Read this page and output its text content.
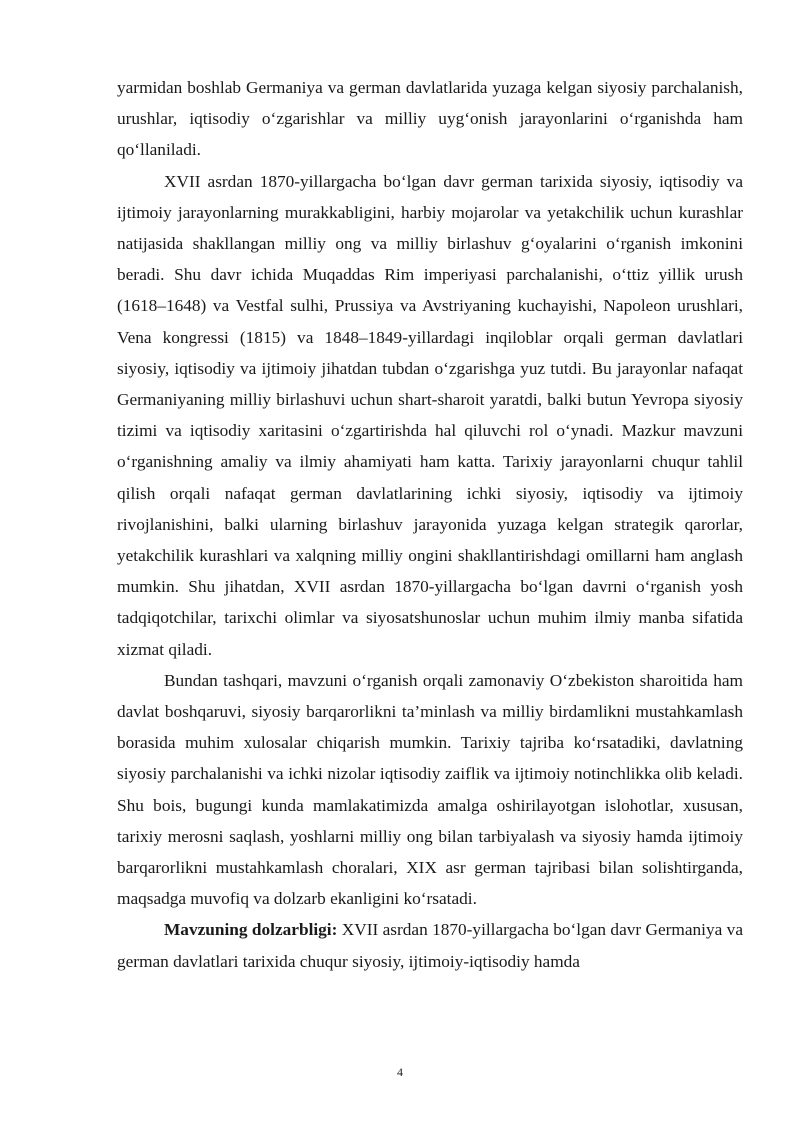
yarmidan boshlab Germaniya va german davlatlarida yuzaga kelgan siyosiy parchalanish, urushlar, iqtisodiy o‘zgarishlar va milliy uyg‘onish jarayonlarini o‘rganishda ham qo‘llaniladi.

XVII asrdan 1870-yillargacha bo‘lgan davr german tarixida siyosiy, iqtisodiy va ijtimoiy jarayonlarning murakkabligini, harbiy mojarolar va yetakchilik uchun kurashlar natijasida shakllangan milliy ong va milliy birlashuv g‘oyalarini o‘rganish imkonini beradi. Shu davr ichida Muqaddas Rim imperiyasi parchalanishi, o‘ttiz yillik urush (1618–1648) va Vestfal sulhi, Prussiya va Avstriyaning kuchayishi, Napoleon urushlari, Vena kongressi (1815) va 1848–1849-yillardagi inqiloblar orqali german davlatlari siyosiy, iqtisodiy va ijtimoiy jihatdan tubdan o‘zgarishga yuz tutdi. Bu jarayonlar nafaqat Germaniyaning milliy birlashuvi uchun shart-sharoit yaratdi, balki butun Yevropa siyosiy tizimi va iqtisodiy xaritasini o‘zgartirishda hal qiluvchi rol o‘ynadi. Mazkur mavzuni o‘rganishning amaliy va ilmiy ahamiyati ham katta. Tarixiy jarayonlarni chuqur tahlil qilish orqali nafaqat german davlatlarining ichki siyosiy, iqtisodiy va ijtimoiy rivojlanishini, balki ularning birlashuv jarayonida yuzaga kelgan strategik qarorlar, yetakchilik kurashlari va xalqning milliy ongini shakllantirishdagi omillarni ham anglash mumkin. Shu jihatdan, XVII asrdan 1870-yillargacha bo‘lgan davrni o‘rganish yosh tadqiqotchilar, tarixchi olimlar va siyosatshunoslar uchun muhim ilmiy manba sifatida xizmat qiladi.

Bundan tashqari, mavzuni o‘rganish orqali zamonaviy O‘zbekiston sharoitida ham davlat boshqaruvi, siyosiy barqarorlikni ta’minlash va milliy birdamlikni mustahkamlash borasida muhim xulosalar chiqarish mumkin. Tarixiy tajriba ko‘rsatadiki, davlatning siyosiy parchalanishi va ichki nizolar iqtisodiy zaiflik va ijtimoiy notinchlikka olib keladi. Shu bois, bugungi kunda mamlakatimizda amalga oshirilayotgan islohotlar, xususan, tarixiy merosni saqlash, yoshlarni milliy ong bilan tarbiyalash va siyosiy hamda ijtimoiy barqarorlikni mustahkamlash choralari, XIX asr german tajribasi bilan solishtirganda, maqsadga muvofiq va dolzarb ekanligini ko‘rsatadi.

Mavzuning dolzarbligi: XVII asrdan 1870-yillargacha bo‘lgan davr Germaniya va german davlatlari tarixida chuqur siyosiy, ijtimoiy-iqtisodiy hamda

4
